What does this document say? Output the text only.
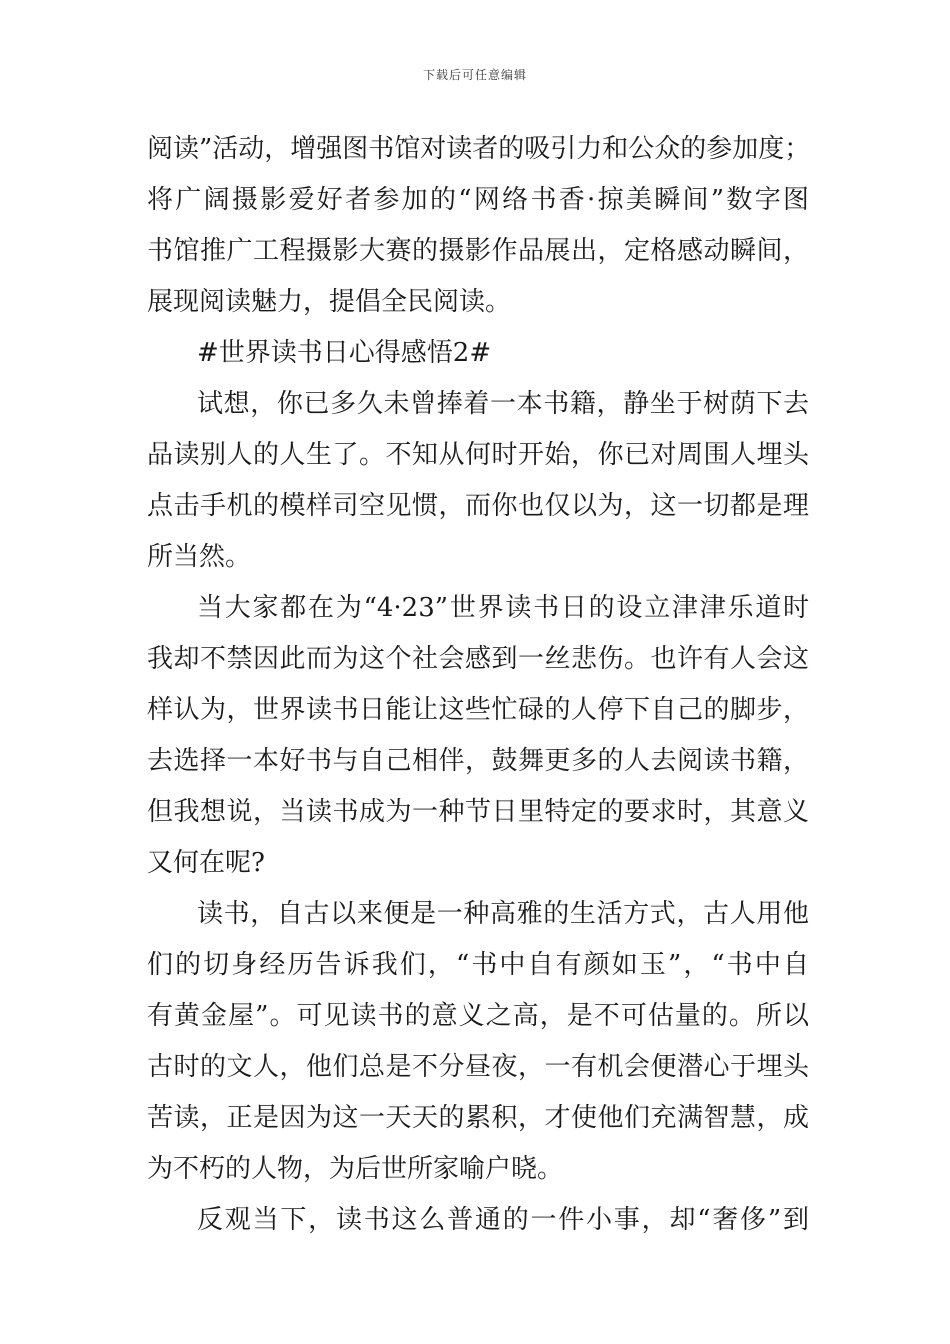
下载后可任意编辑
阅读”活动，增强图书馆对读者的吸引力和公众的参加度；
将广阔摄影爱好者参加的“网络书香·掠美瞬间”数字图
书馆推广工程摄影大赛的摄影作品展出，定格感动瞬间，
展现阅读魅力，提倡全民阅读。
#世界读书日心得感悟2#
试想，你已多久未曾捧着一本书籍，静坐于树荫下去
品读别人的人生了。不知从何时开始，你已对周围人埋头
点击手机的模样司空见惯，而你也仅以为，这一切都是理
所当然。
当大家都在为“4·23”世界读书日的设立津津乐道时
我却不禁因此而为这个社会感到一丝悲伤。也许有人会这
样认为，世界读书日能让这些忙碌的人停下自己的脚步，
去选择一本好书与自己相伴，鼓舞更多的人去阅读书籍，
但我想说，当读书成为一种节日里特定的要求时，其意义
又何在呢?
读书，自古以来便是一种高雅的生活方式，古人用他
们的切身经历告诉我们，“书中自有颜如玉”，“书中自
有黄金屋”。可见读书的意义之高，是不可估量的。所以
古时的文人，他们总是不分昼夜，一有机会便潜心于埋头
苦读，正是因为这一天天的累积，才使他们充满智慧，成
为不朽的人物，为后世所家喻户晓。
反观当下，读书这么普通的一件小事，却“奢侈”到
